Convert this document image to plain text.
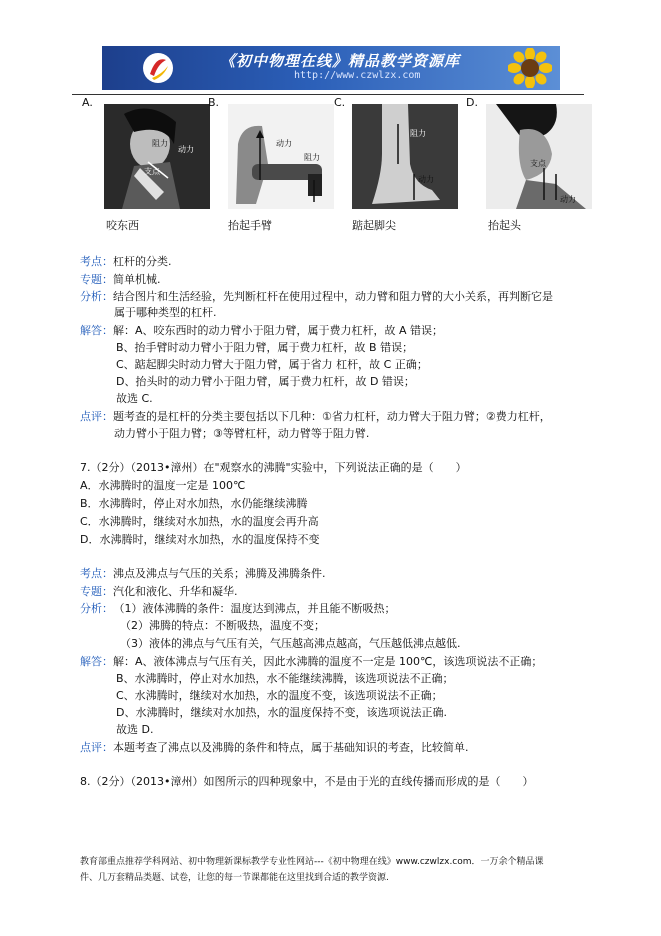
《初中物理在线》精品教学资源库
http://www.czwlzx.com
A.
阻力
动力
支点
B.
动力
阻力
C.
阻力
动力
D.
支点
动力
咬东西	抬起手臂	踮起脚尖	抬起头
考点：杠杆的分类.
专题：简单机械.
分析：结合图片和生活经验，先判断杠杆在使用过程中，动力臂和阻力臂的大小关系，再判断它是
属于哪种类型的杠杆.
解答：解：A、咬东西时的动力臂小于阻力臂，属于费力杠杆，故 A 错误；
B、抬手臂时动力臂小于阻力臂，属于费力杠杆，故 B 错误；
C、踮起脚尖时动力臂大于阻力臂，属于省力 杠杆，故 C 正确；
D、抬头时的动力臂小于阻力臂，属于费力杠杆，故 D 错误；
故选 C.
点评：题考查的是杠杆的分类主要包括以下几种：①省力杠杆，动力臂大于阻力臂；②费力杠杆，
动力臂小于阻力臂；③等臂杠杆，动力臂等于阻力臂.
7.（2分）（2013•漳州）在"观察水的沸腾"实验中，下列说法正确的是（　　）
A．水沸腾时的温度一定是 100℃
B．水沸腾时，停止对水加热，水仍能继续沸腾
C．水沸腾时，继续对水加热，水的温度会再升高
D．水沸腾时，继续对水加热，水的温度保持不变
考点：沸点及沸点与气压的关系；沸腾及沸腾条件.
专题：汽化和液化、升华和凝华.
分析： （1）液体沸腾的条件：温度达到沸点，并且能不断吸热；
（2）沸腾的特点：不断吸热，温度不变；
（3）液体的沸点与气压有关，气压越高沸点越高，气压越低沸点越低.
解答：解：A、液体沸点与气压有关，因此水沸腾的温度不一定是 100℃，该选项说法不正确；
B、水沸腾时，停止对水加热，水不能继续沸腾，该选项说法不正确；
C、水沸腾时，继续对水加热，水的温度不变，该选项说法不正确；
D、水沸腾时，继续对水加热，水的温度保持不变，该选项说法正确.
故选 D.
点评：本题考查了沸点以及沸腾的条件和特点，属于基础知识的考查，比较简单.
8.（2分）（2013•漳州）如图所示的四种现象中，不是由于光的直线传播而形成的是（　　）
教育部重点推荐学科网站、初中物理新课标教学专业性网站---《初中物理在线》www.czwlzx.com．一万余个精品课
件、几万套精品类题、试卷，让您的每一节课都能在这里找到合适的教学资源.
